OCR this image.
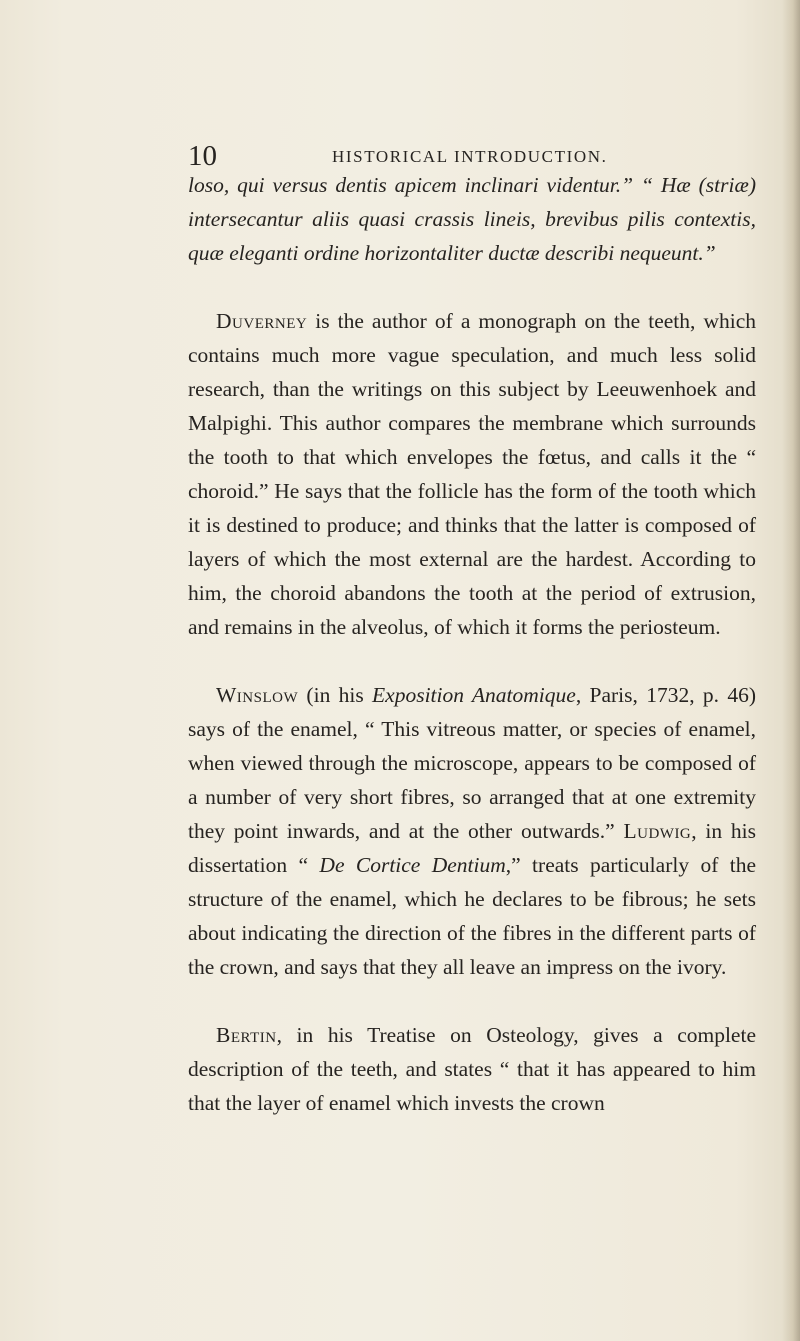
10	HISTORICAL INTRODUCTION.

loso, qui versus dentis apicem inclinari videntur.” “ Hæ (striæ) intersecantur aliis quasi crassis lineis, brevibus pilis contextis, quæ eleganti ordine horizontaliter ductæ describi nequeunt.”

Duverney is the author of a monograph on the teeth, which contains much more vague speculation, and much less solid research, than the writings on this subject by Leeuwenhoek and Malpighi. This author compares the membrane which surrounds the tooth to that which envelopes the fœtus, and calls it the “ choroid.” He says that the follicle has the form of the tooth which it is destined to produce; and thinks that the latter is composed of layers of which the most external are the hardest. According to him, the choroid abandons the tooth at the period of extrusion, and remains in the alveolus, of which it forms the periosteum.

Winslow (in his Exposition Anatomique, Paris, 1732, p. 46) says of the enamel, “ This vitreous matter, or species of enamel, when viewed through the microscope, appears to be composed of a number of very short fibres, so arranged that at one extremity they point inwards, and at the other outwards.” Ludwig, in his dissertation “ De Cortice Dentium,” treats particularly of the structure of the enamel, which he declares to be fibrous; he sets about indicating the direction of the fibres in the different parts of the crown, and says that they all leave an impress on the ivory.

Bertin, in his Treatise on Osteology, gives a complete description of the teeth, and states “ that it has appeared to him that the layer of enamel which invests the crown
